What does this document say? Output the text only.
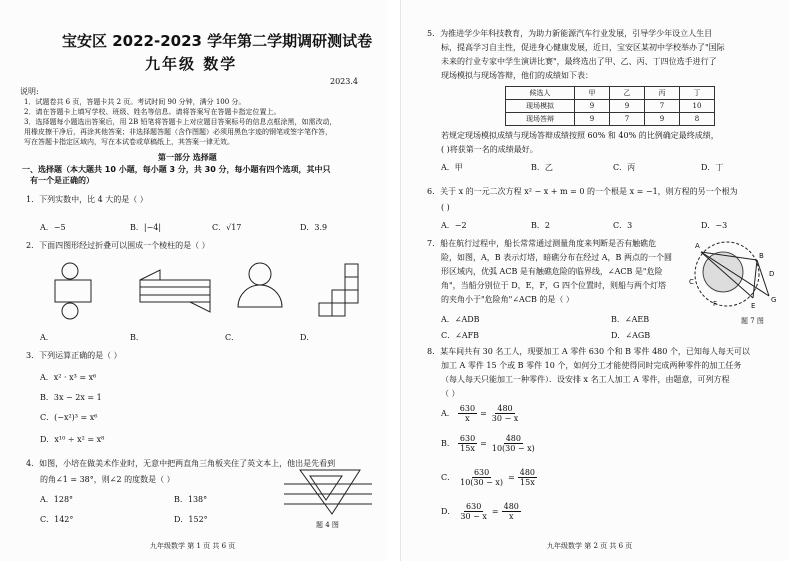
宝安区 2022-2023 学年第二学期调研测试卷
九年级 数学
2023.4
说明:
1．试题卷共 6 页，答题卡共 2 页。考试时间 90 分钟，满分 100 分。
2．请在答题卡上填写学校、班级、姓名等信息。请将答案写在答题卡指定位置上。
3．选择题每小题选出答案后，用 2B 铅笔将答题卡上对应题目答案标号的信息点框涂黑，如需改动，
用橡皮擦干净后，再涂其他答案；非选择题答题（含作图题）必须用黑色字迹的钢笔或签字笔作答，
写在答题卡指定区域内，写在本试卷或草稿纸上，其答案一律无效。
第一部分 选择题
一、选择题（本大题共 10 小题，每小题 3 分，共 30 分，每小题有四个选项，其中只
有一个是正确的）
1．下列实数中，比 4 大的是（ ）
A．−5	B．|−4|	C．√17	D．3.9
2．下面四图形经过折叠可以围成一个棱柱的是（ ）
A．	B．	C．	D．
3．下列运算正确的是（ ）
A．x² · x³ = x⁶
B．3x − 2x = 1
C．(−x²)³ = x⁶
D．x¹⁰ ÷ x² = x⁸
4．如图，小培在做美术作业时，无意中把两直角三角板夹住了英文本上，他出是先看到
的角∠1 = 38°，则∠2 的度数是（ ）
A．128°	B．138°
C．142°	D．152°
题 4 图
九年级数学 第 1 页 共 6 页
5．为推进学少年科技教育，为助力新能源汽车行业发展，引导学少年设立人生目
标，提高学习自主性，促进身心健康发展，近日，宝安区某初中学校举办了"国际
未来的行业专家中学生演讲比赛"，最终选出了甲、乙、丙、丁四位选手进行了
现场模拟与现场答辩，他们的成绩如下表：
候选人	甲	乙	丙	丁
现场模拟	9	9	7	10
现场答辩	9	7	9	8
若规定现场模拟成绩与现场答辩成绩按照 60% 和 40% 的比例确定最终成绩，
( )将获第一名的成绩最好。
A．甲	B．乙	C．丙	D．丁
6．关于 x 的一元二次方程 x² − x + m = 0 的一个根是 x = −1，则方程的另一个根为
( )
A．−2	B．2	C．3	D．−3
7．船在航行过程中，船长常常通过测量角度来判断是否有触礁危
险，如图，A，B 表示灯塔，暗礁分布在经过 A，B 两点的一个圆
形区域内，优弧 ACB 是有触礁危险的临界线，∠ACB 是"危险
角"，当船分别位于 D，E，F，G 四个位置时，则船与两个灯塔
的夹角小于"危险角"∠ACB 的是（ ）
A．∠ADB	B．∠AEB
C．∠AFB	D．∠AGB
A
B
C
D
E
F	G
题 7 图
8．某车间共有 30 名工人，现要加工 A 零件 630 个和 B 零件 480 个，已知每人每天可以
加工 A 零件 15 个或 B 零件 10 个，如何分工才能使得同时完成两种零件的加工任务
（每人每天只能加工一种零件）．设安排 x 名工人加工 A 零件，由题意，可列方程
（ ）
A． $\frac{630}{x} = \frac{480}{30 - x}$
B． $\frac{630}{15x} = \frac{480}{10(30 - x)}$
C． $\frac{630}{10(30 - x)} = \frac{480}{15x}$
D． $\frac{630}{30 - x} = \frac{480}{x}$
九年级数学 第 2 页 共 6 页
